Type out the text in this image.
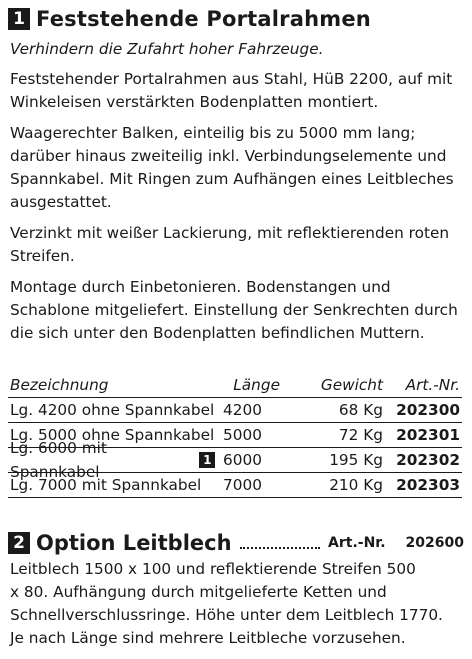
1 Feststehende Portalrahmen

Verhindern die Zufahrt hoher Fahrzeuge.

Feststehender Portalrahmen aus Stahl, HüB 2200, auf mit Winkeleisen verstärkten Bodenplatten montiert.

Waagerechter Balken, einteilig bis zu 5000 mm lang; darüber hinaus zweiteilig inkl. Verbindungselemente und Spannkabel. Mit Ringen zum Aufhängen eines Leitbleches ausgestattet.

Verzinkt mit weißer Lackierung, mit reflektierenden roten Streifen.

Montage durch Einbetonieren. Bodenstangen und Schablone mitgeliefert. Einstellung der Senkrechten durch die sich unter den Bodenplatten befindlichen Muttern.

Bezeichnung	Länge	Gewicht	Art.-Nr.
Lg. 4200 ohne Spannkabel 4200	68 Kg 202300
Lg. 5000 ohne Spannkabel 5000	72 Kg 202301
Lg. 6000 mit Spannkabel
1 6000	195 Kg 202302
Lg. 7000 mit Spannkabel	7000	210 Kg 202303
2 Option Leitblech	Art.-Nr. 202600

Leitblech 1500 x 100 und reflektierende Streifen 500

x 80. Aufhängung durch mitgelieferte Ketten und

Schnellverschlussringe. Höhe unter dem Leitblech 1770.

Je nach Länge sind mehrere Leitbleche vorzusehen.
